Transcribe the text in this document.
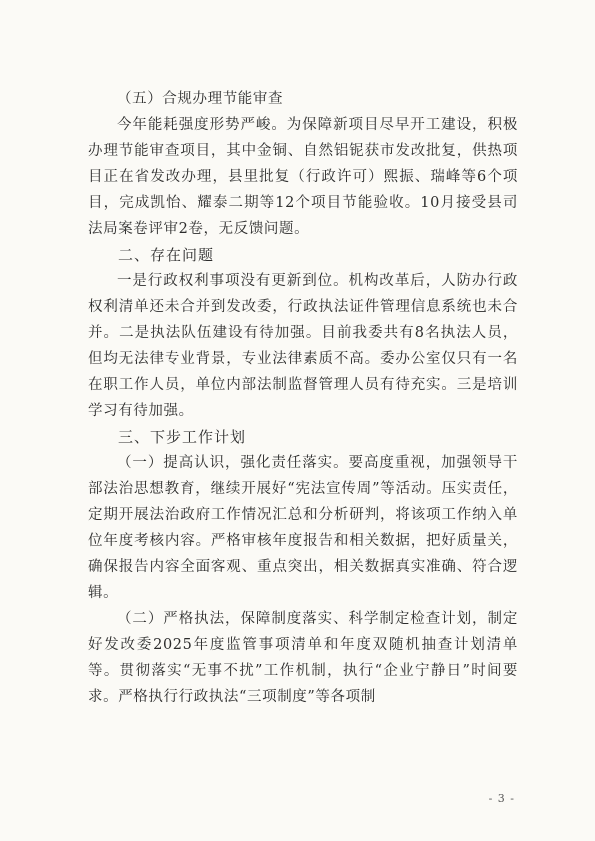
（五）合规办理节能审查

今年能耗强度形势严峻。为保障新项目尽早开工建设，积极办理节能审查项目，其中金铜、自然铝铌获市发改批复，供热项目正在省发改办理，县里批复（行政许可）熙振、瑞峰等6个项目，完成凯怡、耀泰二期等12个项目节能验收。10月接受县司法局案卷评审2卷，无反馈问题。

二、存在问题

一是行政权利事项没有更新到位。机构改革后，人防办行政权利清单还未合并到发改委，行政执法证件管理信息系统也未合并。二是执法队伍建设有待加强。目前我委共有8名执法人员，但均无法律专业背景，专业法律素质不高。委办公室仅只有一名在职工作人员，单位内部法制监督管理人员有待充实。三是培训学习有待加强。

三、下步工作计划

（一）提高认识，强化责任落实。要高度重视，加强领导干部法治思想教育，继续开展好“宪法宣传周”等活动。压实责任，定期开展法治政府工作情况汇总和分析研判，将该项工作纳入单位年度考核内容。严格审核年度报告和相关数据，把好质量关，确保报告内容全面客观、重点突出，相关数据真实准确、符合逻辑。

（二）严格执法，保障制度落实、科学制定检查计划，制定好发改委2025年度监管事项清单和年度双随机抽查计划清单等。贯彻落实“无事不扰”工作机制，执行“企业宁静日”时间要求。严格执行行政执法“三项制度”等各项制

- 3 -
